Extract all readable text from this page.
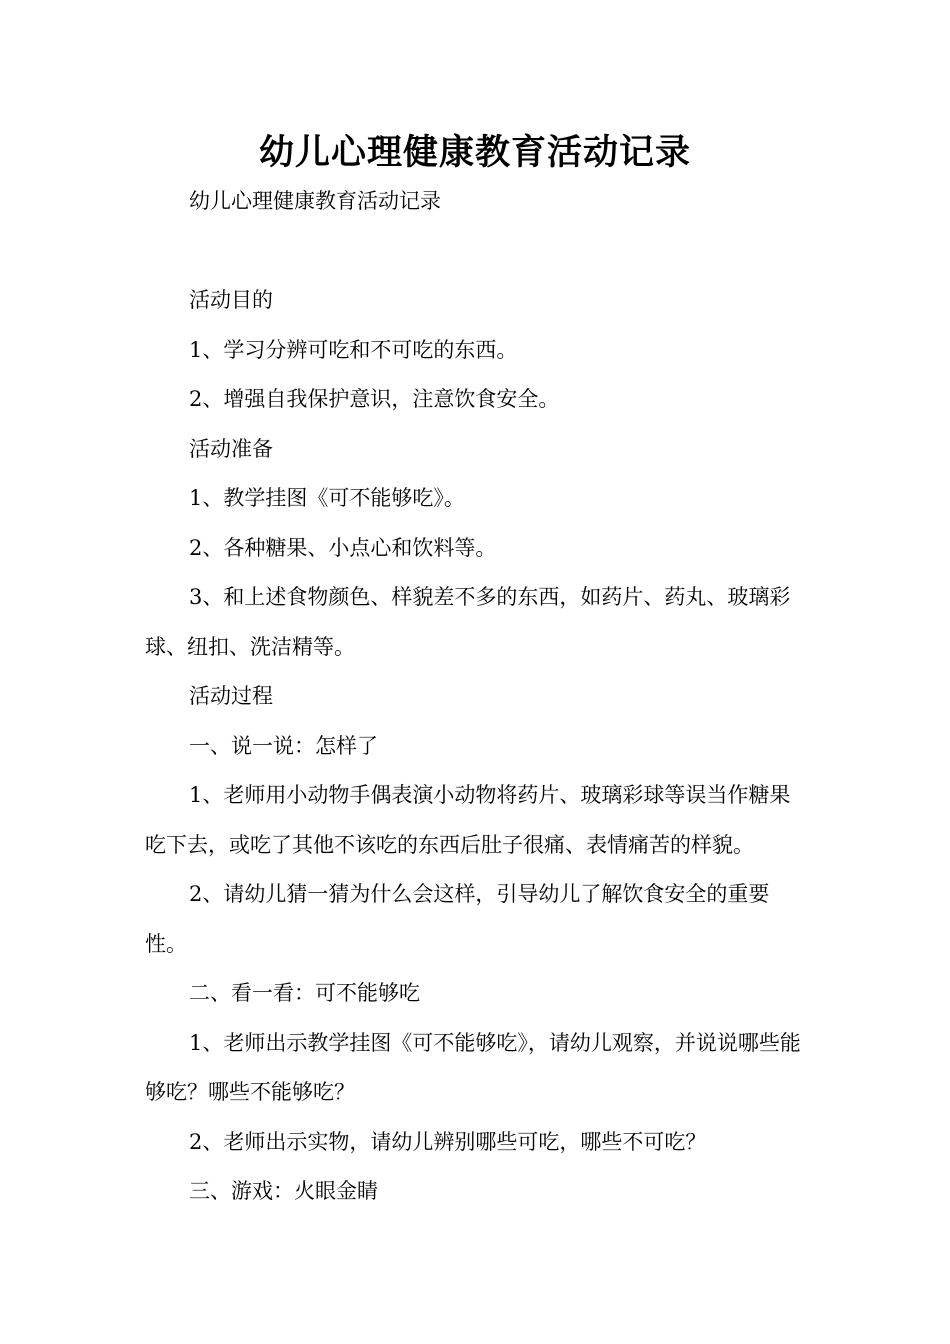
幼儿心理健康教育活动记录

幼儿心理健康教育活动记录

活动目的

1、学习分辨可吃和不可吃的东西。

2、增强自我保护意识，注意饮食安全。

活动准备

1、教学挂图《可不能够吃》。

2、各种糖果、小点心和饮料等。

3、和上述食物颜色、样貌差不多的东西，如药片、药丸、玻璃彩球、纽扣、洗洁精等。

活动过程

一、说一说：怎样了

1、老师用小动物手偶表演小动物将药片、玻璃彩球等误当作糖果吃下去，或吃了其他不该吃的东西后肚子很痛、表情痛苦的样貌。

2、请幼儿猜一猜为什么会这样，引导幼儿了解饮食安全的重要性。

二、看一看：可不能够吃

1、老师出示教学挂图《可不能够吃》，请幼儿观察，并说说哪些能够吃？哪些不能够吃？

2、老师出示实物，请幼儿辨别哪些可吃，哪些不可吃？

三、游戏：火眼金睛
